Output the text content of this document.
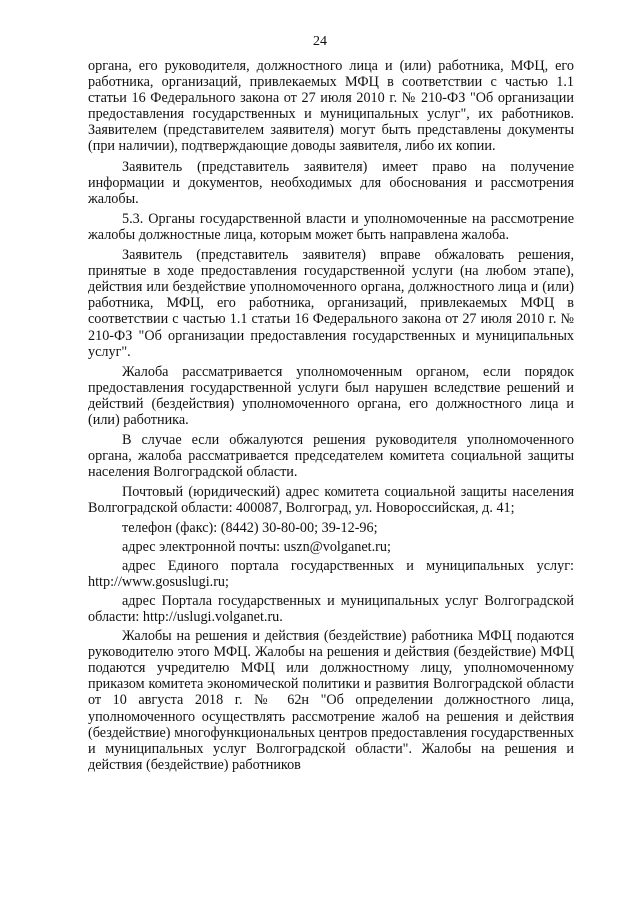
24

органа, его руководителя, должностного лица и (или) работника, МФЦ, его работника, организаций, привлекаемых МФЦ в соответствии с частью 1.1 статьи 16 Федерального закона от 27 июля 2010 г. № 210-ФЗ "Об организации предоставления государственных и муниципальных услуг", их работников. Заявителем (представителем заявителя) могут быть представлены документы (при наличии), подтверждающие доводы заявителя, либо их копии.

Заявитель (представитель заявителя) имеет право на получение информации и документов, необходимых для обоснования и рассмотрения жалобы.

5.3. Органы государственной власти и уполномоченные на рассмотрение жалобы должностные лица, которым может быть направлена жалоба.

Заявитель (представитель заявителя) вправе обжаловать решения, принятые в ходе предоставления государственной услуги (на любом этапе), действия или бездействие уполномоченного органа, должностного лица и (или) работника, МФЦ, его работника, организаций, привлекаемых МФЦ в соответствии с частью 1.1 статьи 16 Федерального закона от 27 июля 2010 г. № 210-ФЗ "Об организации предоставления государственных и муниципальных услуг".

Жалоба рассматривается уполномоченным органом, если порядок предоставления государственной услуги был нарушен вследствие решений и действий (бездействия) уполномоченного органа, его должностного лица и (или) работника.

В случае если обжалуются решения руководителя уполномоченного органа, жалоба рассматривается председателем комитета социальной защиты населения Волгоградской области.

Почтовый (юридический) адрес комитета социальной защиты населения Волгоградской области: 400087, Волгоград, ул. Новороссийская, д. 41;

телефон (факс): (8442) 30-80-00; 39-12-96;

адрес электронной почты: uszn@volganet.ru;

адрес Единого портала государственных и муниципальных услуг: http://www.gosuslugi.ru;

адрес Портала государственных и муниципальных услуг Волгоградской области: http://uslugi.volganet.ru.

Жалобы на решения и действия (бездействие) работника МФЦ подаются руководителю этого МФЦ. Жалобы на решения и действия (бездействие) МФЦ подаются учредителю МФЦ или должностному лицу, уполномоченному приказом комитета экономической политики и развития Волгоградской области от 10 августа 2018 г. № 62н "Об определении должностного лица, уполномоченного осуществлять рассмотрение жалоб на решения и действия (бездействие) многофункциональных центров предоставления государственных и муниципальных услуг Волгоградской области". Жалобы на решения и действия (бездействие) работников
